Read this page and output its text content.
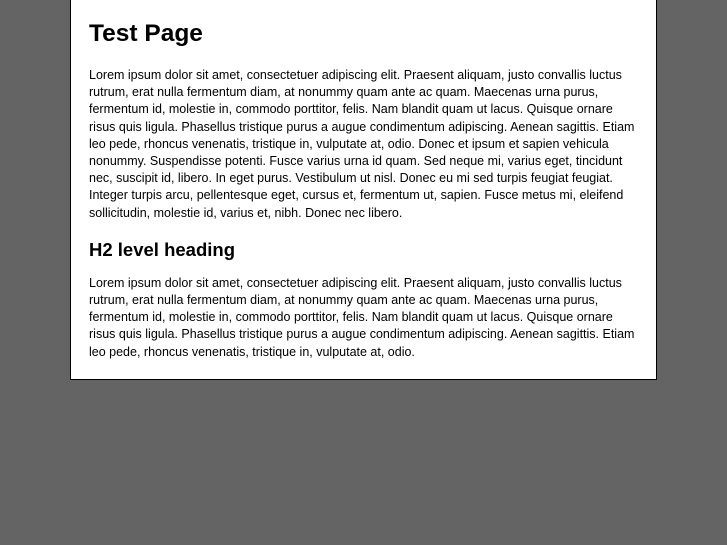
Test Page

Lorem ipsum dolor sit amet, consectetuer adipiscing elit. Praesent aliquam, justo convallis luctus rutrum, erat nulla fermentum diam, at nonummy quam ante ac quam. Maecenas urna purus, fermentum id, molestie in, commodo porttitor, felis. Nam blandit quam ut lacus. Quisque ornare risus quis ligula. Phasellus tristique purus a augue condimentum adipiscing. Aenean sagittis. Etiam leo pede, rhoncus venenatis, tristique in, vulputate at, odio. Donec et ipsum et sapien vehicula nonummy. Suspendisse potenti. Fusce varius urna id quam. Sed neque mi, varius eget, tincidunt nec, suscipit id, libero. In eget purus. Vestibulum ut nisl. Donec eu mi sed turpis feugiat feugiat. Integer turpis arcu, pellentesque eget, cursus et, fermentum ut, sapien. Fusce metus mi, eleifend sollicitudin, molestie id, varius et, nibh. Donec nec libero.

H2 level heading

Lorem ipsum dolor sit amet, consectetuer adipiscing elit. Praesent aliquam, justo convallis luctus rutrum, erat nulla fermentum diam, at nonummy quam ante ac quam. Maecenas urna purus, fermentum id, molestie in, commodo porttitor, felis. Nam blandit quam ut lacus. Quisque ornare risus quis ligula. Phasellus tristique purus a augue condimentum adipiscing. Aenean sagittis. Etiam leo pede, rhoncus venenatis, tristique in, vulputate at, odio.
